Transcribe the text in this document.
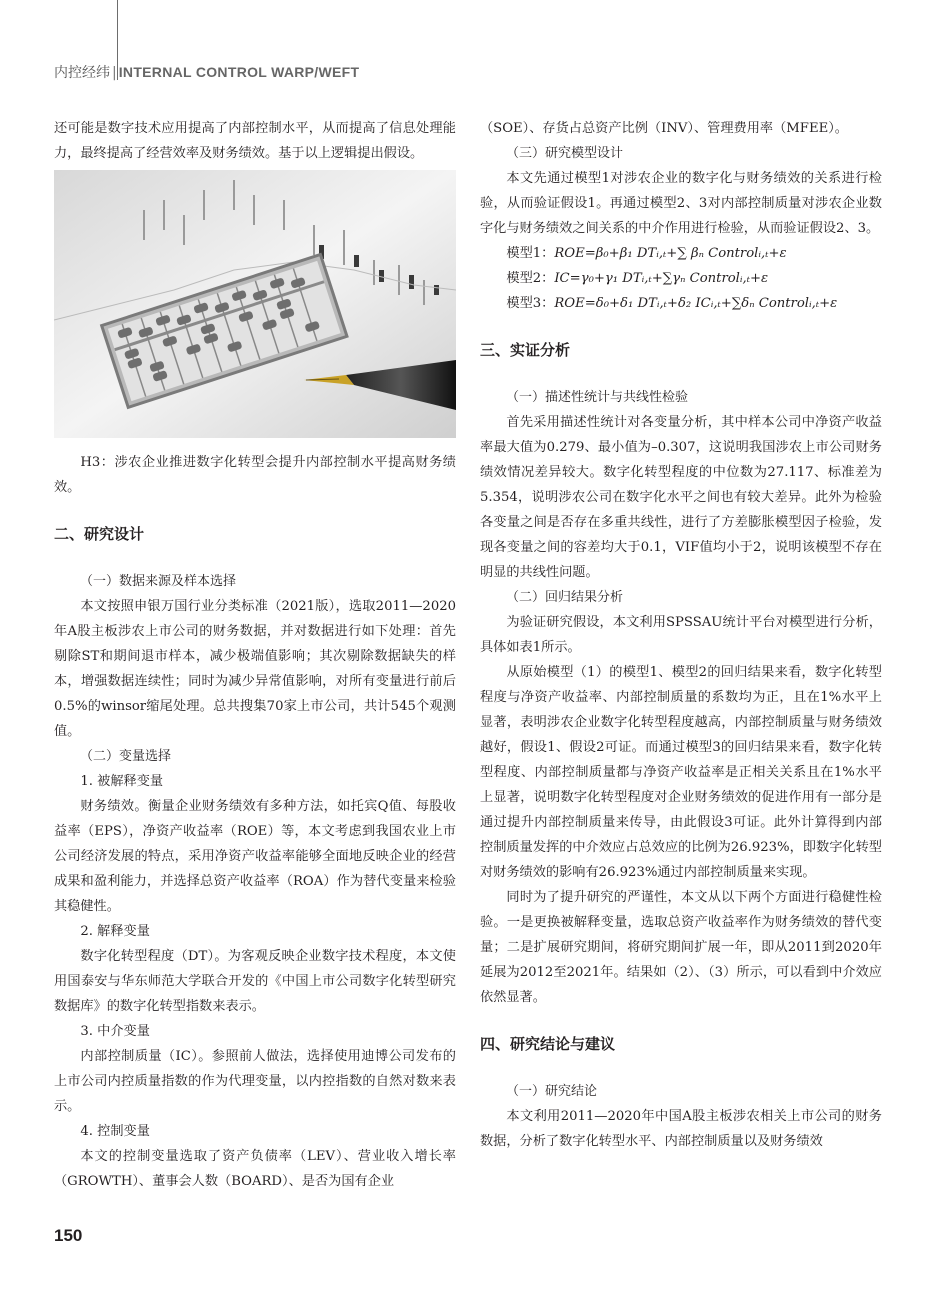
内控经纬 | INTERNAL CONTROL WARP/WEFT

还可能是数字技术应用提高了内部控制水平，从而提高了信息处理能力，最终提高了经营效率及财务绩效。基于以上逻辑提出假设。

H3：涉农企业推进数字化转型会提升内部控制水平提高财务绩效。

二、研究设计
（一）数据来源及样本选择

本文按照申银万国行业分类标准（2021版），选取2011—2020年A股主板涉农上市公司的财务数据，并对数据进行如下处理：首先剔除ST和期间退市样本，减少极端值影响；其次剔除数据缺失的样本，增强数据连续性；同时为减少异常值影响，对所有变量进行前后0.5%的winsor缩尾处理。总共搜集70家上市公司，共计545个观测值。

（二）变量选择
1. 被解释变量

财务绩效。衡量企业财务绩效有多种方法，如托宾Q值、每股收益率（EPS），净资产收益率（ROE）等，本文考虑到我国农业上市公司经济发展的特点，采用净资产收益率能够全面地反映企业的经营成果和盈利能力，并选择总资产收益率（ROA）作为替代变量来检验其稳健性。

2. 解释变量

数字化转型程度（DT）。为客观反映企业数字技术程度，本文使用国泰安与华东师范大学联合开发的《中国上市公司数字化转型研究数据库》的数字化转型指数来表示。

3. 中介变量

内部控制质量（IC）。参照前人做法，选择使用迪博公司发布的上市公司内控质量指数的作为代理变量，以内控指数的自然对数来表示。

4. 控制变量

本文的控制变量选取了资产负债率（LEV）、营业收入增长率（GROWTH）、董事会人数（BOARD）、是否为国有企业

（SOE）、存货占总资产比例（INV）、管理费用率（MFEE）。

（三）研究模型设计

本文先通过模型1对涉农企业的数字化与财务绩效的关系进行检验，从而验证假设1。再通过模型2、3对内部控制质量对涉农企业数字化与财务绩效之间关系的中介作用进行检验，从而验证假设2、3。

模型1：ROE=β₀+β₁ DTᵢ,ₜ+∑ βₙ Controlᵢ,ₜ+ε
模型2：IC=γ₀+γ₁ DTᵢ,ₜ+∑γₙ Controlᵢ,ₜ+ε
模型3：ROE=δ₀+δ₁ DTᵢ,ₜ+δ₂ ICᵢ,ₜ+∑δₙ Controlᵢ,ₜ+ε
三、实证分析
（一）描述性统计与共线性检验

首先采用描述性统计对各变量分析，其中样本公司中净资产收益率最大值为0.279、最小值为–0.307，这说明我国涉农上市公司财务绩效情况差异较大。数字化转型程度的中位数为27.117、标准差为5.354，说明涉农公司在数字化水平之间也有较大差异。此外为检验各变量之间是否存在多重共线性，进行了方差膨胀模型因子检验，发现各变量之间的容差均大于0.1，VIF值均小于2，说明该模型不存在明显的共线性问题。

（二）回归结果分析

为验证研究假设，本文利用SPSSAU统计平台对模型进行分析，具体如表1所示。

从原始模型（1）的模型1、模型2的回归结果来看，数字化转型程度与净资产收益率、内部控制质量的系数均为正，且在1%水平上显著，表明涉农企业数字化转型程度越高，内部控制质量与财务绩效越好，假设1、假设2可证。而通过模型3的回归结果来看，数字化转型程度、内部控制质量都与净资产收益率是正相关关系且在1%水平上显著，说明数字化转型程度对企业财务绩效的促进作用有一部分是通过提升内部控制质量来传导，由此假设3可证。此外计算得到内部控制质量发挥的中介效应占总效应的比例为26.923%，即数字化转型对财务绩效的影响有26.923%通过内部控制质量来实现。

同时为了提升研究的严谨性，本文从以下两个方面进行稳健性检验。一是更换被解释变量，选取总资产收益率作为财务绩效的替代变量；二是扩展研究期间，将研究期间扩展一年，即从2011到2020年延展为2012至2021年。结果如（2）、（3）所示，可以看到中介效应依然显著。

四、研究结论与建议
（一）研究结论

本文利用2011—2020年中国A股主板涉农相关上市公司的财务数据，分析了数字化转型水平、内部控制质量以及财务绩效

150
